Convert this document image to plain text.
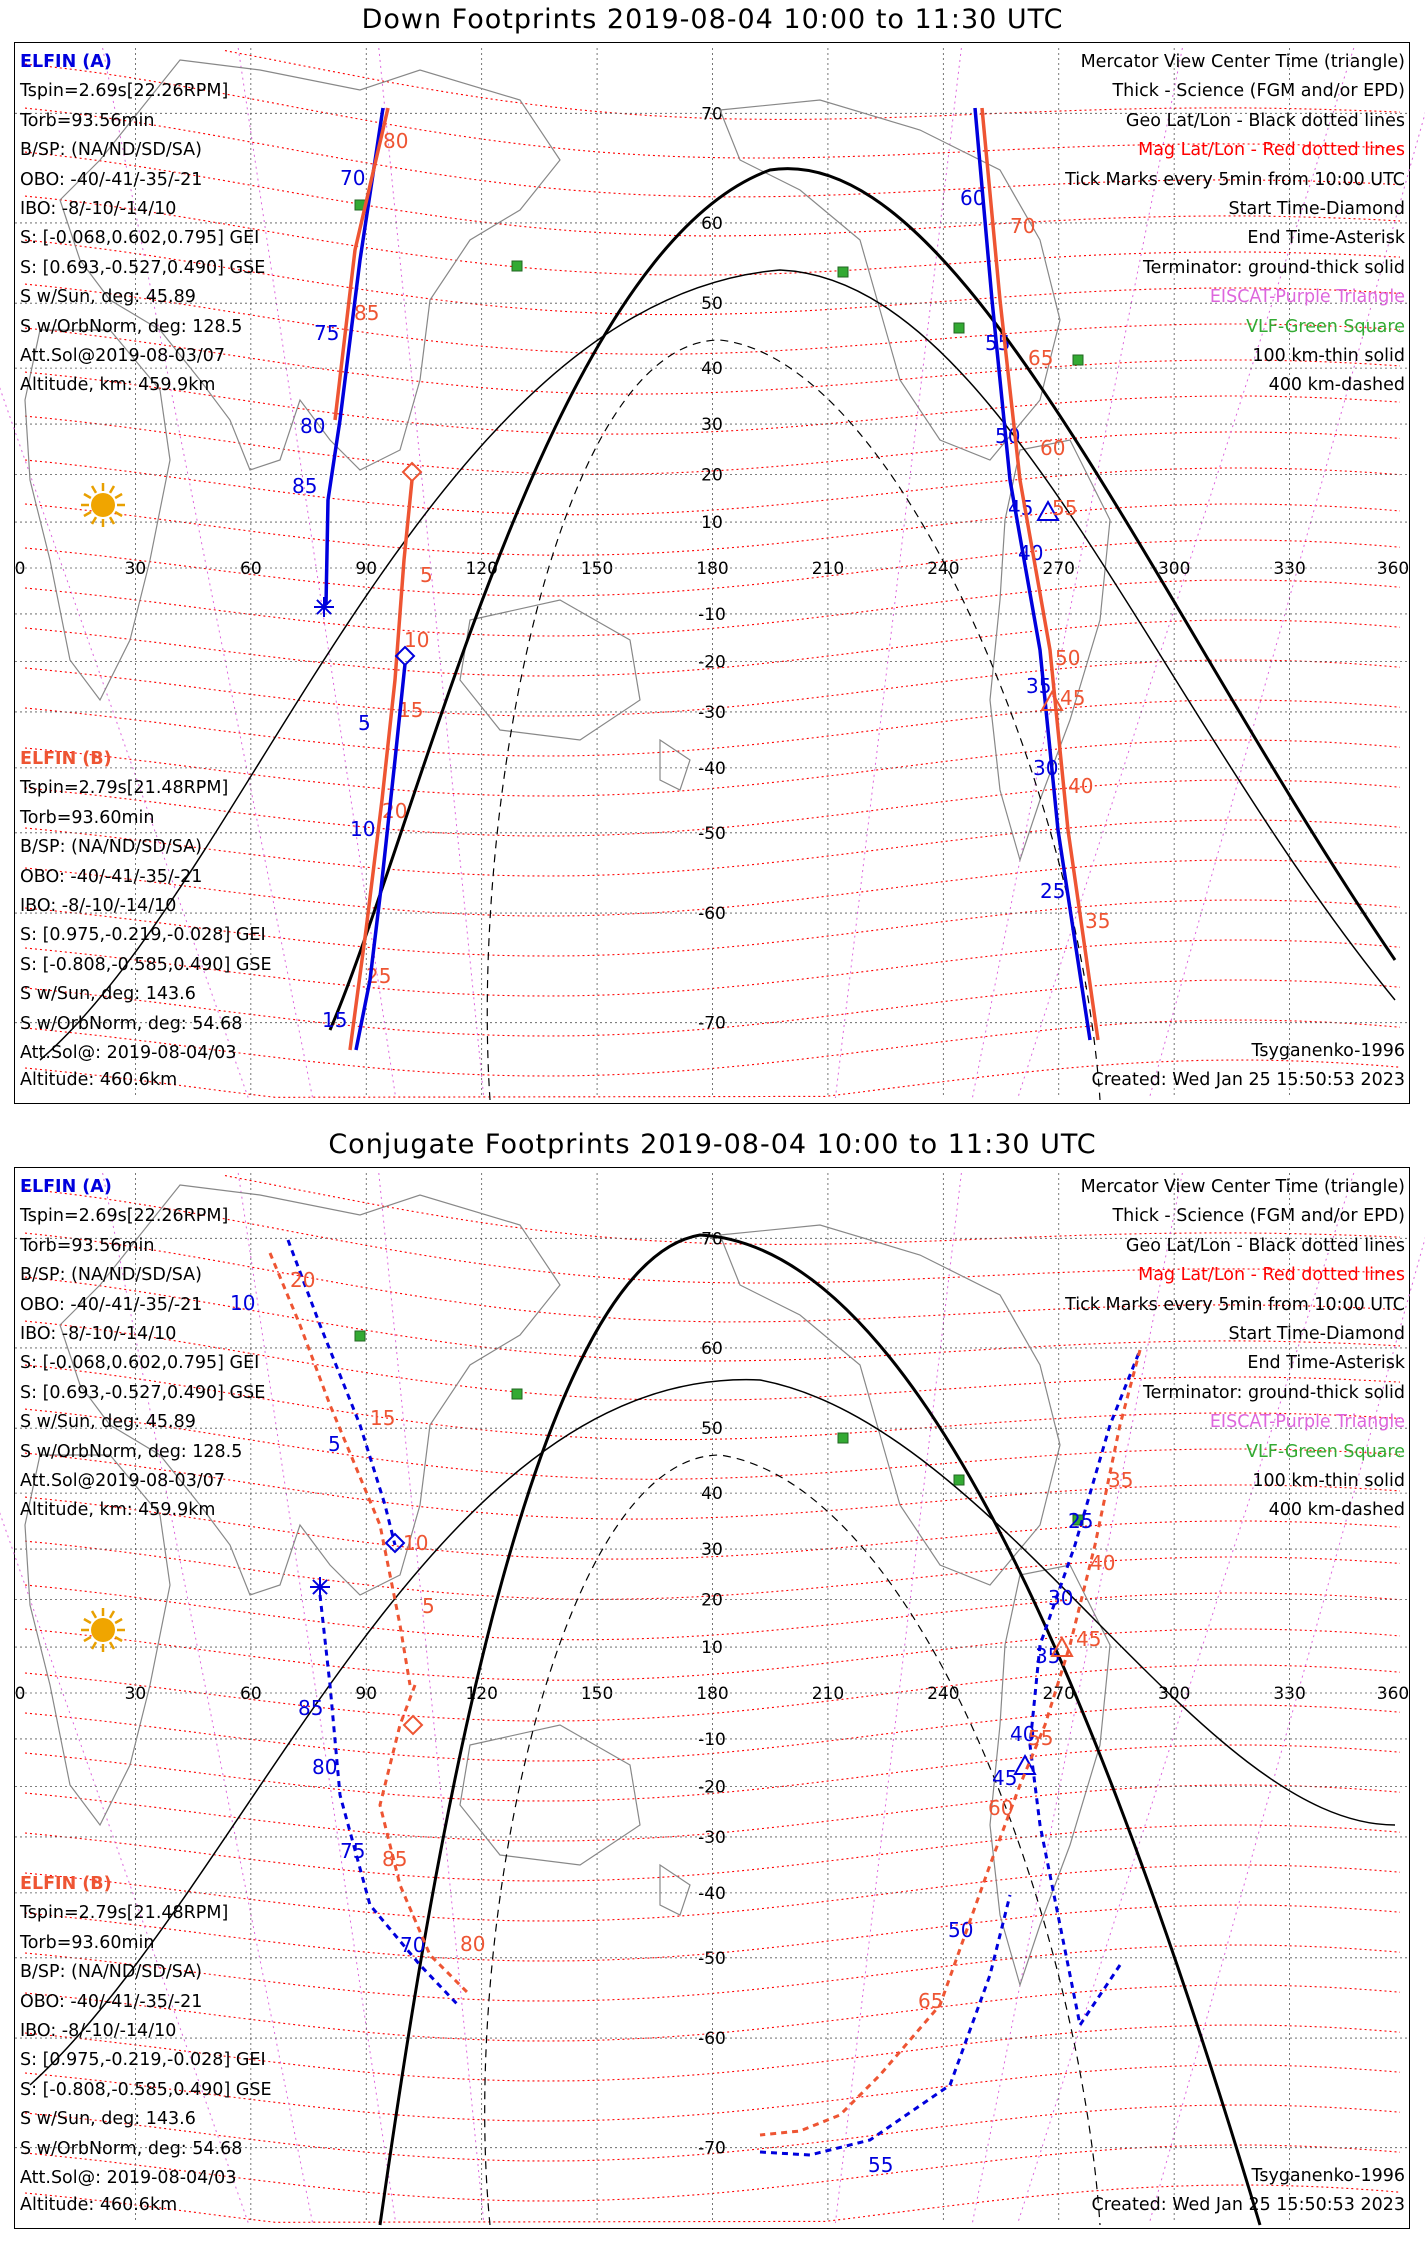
Down Footprints 2019-08-04 10:00 to 11:30 UTC
0	30	60	90	120	150	180	210	240	270	300	330	360
70
60
50
40
30
20
10
-10
-20
-30
-40
-50
-60
-70
70
75
80
85
80
85
5
10
15
20
25
5
10
15
60
55
50
45
40
35
30
25
70
65
60
55
50
45
40
35
ELFIN (A)
Tspin=2.69s[22.26RPM]
Torb=93.56min
B/SP: (NA/ND/SD/SA)
OBO: -40/-41/-35/-21
IBO: -8/-10/-14/10
S: [-0.068,0.602,0.795] GEI
S: [0.693,-0.527,0.490] GSE
S w/Sun, deg: 45.89
S w/OrbNorm, deg: 128.5
Att.Sol@2019-08-03/07
Altitude, km: 459.9km
ELFIN (B)
Tspin=2.79s[21.48RPM]
Torb=93.60min
B/SP: (NA/ND/SD/SA)
OBO: -40/-41/-35/-21
IBO: -8/-10/-14/10
S: [0.975,-0.219,-0.028] GEI
S: [-0.808,-0.585,0.490] GSE
S w/Sun, deg: 143.6
S w/OrbNorm, deg: 54.68
Att.Sol@: 2019-08-04/03
Altitude: 460.6km
Mercator View Center Time (triangle)
Thick - Science (FGM and/or EPD)
Geo Lat/Lon - Black dotted lines
Mag Lat/Lon - Red dotted lines
Tick Marks every 5min from 10:00 UTC
Start Time-Diamond
End Time-Asterisk
Terminator: ground-thick solid
EISCAT-Purple Triangle
VLF-Green Square
100 km-thin solid
400 km-dashed
Tsyganenko-1996
Created: Wed Jan 25 15:50:53 2023
Conjugate Footprints 2019-08-04 10:00 to 11:30 UTC
0	30	60	90	120	150	180	210	240	270	300	330	360
70
60
50
40
30
20
10
-10
-20
-30
-40
-50
-60
-70
10
5
85
80
75
70
20
15
10
5
85
80
25
30
35
40
45
50
55
35
40
45
55
60
65
ELFIN (A)
Tspin=2.69s[22.26RPM]
Torb=93.56min
B/SP: (NA/ND/SD/SA)
OBO: -40/-41/-35/-21
IBO: -8/-10/-14/10
S: [-0.068,0.602,0.795] GEI
S: [0.693,-0.527,0.490] GSE
S w/Sun, deg: 45.89
S w/OrbNorm, deg: 128.5
Att.Sol@2019-08-03/07
Altitude, km: 459.9km
ELFIN (B)
Tspin=2.79s[21.48RPM]
Torb=93.60min
B/SP: (NA/ND/SD/SA)
OBO: -40/-41/-35/-21
IBO: -8/-10/-14/10
S: [0.975,-0.219,-0.028] GEI
S: [-0.808,-0.585,0.490] GSE
S w/Sun, deg: 143.6
S w/OrbNorm, deg: 54.68
Att.Sol@: 2019-08-04/03
Altitude: 460.6km
Mercator View Center Time (triangle)
Thick - Science (FGM and/or EPD)
Geo Lat/Lon - Black dotted lines
Mag Lat/Lon - Red dotted lines
Tick Marks every 5min from 10:00 UTC
Start Time-Diamond
End Time-Asterisk
Terminator: ground-thick solid
EISCAT-Purple Triangle
VLF-Green Square
100 km-thin solid
400 km-dashed
Tsyganenko-1996
Created: Wed Jan 25 15:50:53 2023
